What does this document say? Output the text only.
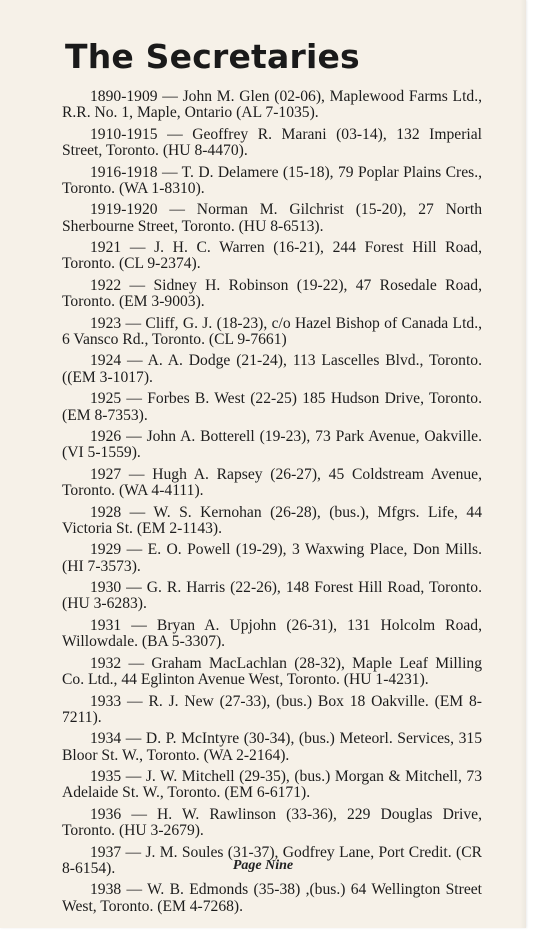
The Secretaries
1890-1909 — John M. Glen (02-06), Maplewood Farms Ltd., R.R. No. 1, Maple, Ontario (AL 7-1035).
1910-1915 — Geoffrey R. Marani (03-14), 132 Imperial Street, Toronto. (HU 8-4470).
1916-1918 — T. D. Delamere (15-18), 79 Poplar Plains Cres., Toronto. (WA 1-8310).
1919-1920 — Norman M. Gilchrist (15-20), 27 North Sherbourne Street, Toronto. (HU 8-6513).
1921 — J. H. C. Warren (16-21), 244 Forest Hill Road, Toronto. (CL 9-2374).
1922 — Sidney H. Robinson (19-22), 47 Rosedale Road, Toronto. (EM 3-9003).
1923 — Cliff, G. J. (18-23), c/o Hazel Bishop of Canada Ltd., 6 Vansco Rd., Toronto. (CL 9-7661)
1924 — A. A. Dodge (21-24), 113 Lascelles Blvd., Toronto. ((EM 3-1017).
1925 — Forbes B. West (22-25) 185 Hudson Drive, Toronto. (EM 8-7353).
1926 — John A. Botterell (19-23), 73 Park Avenue, Oakville. (VI 5-1559).
1927 — Hugh A. Rapsey (26-27), 45 Coldstream Avenue, Toronto. (WA 4-4111).
1928 — W. S. Kernohan (26-28), (bus.), Mfgrs. Life, 44 Victoria St. (EM 2-1143).
1929 — E. O. Powell (19-29), 3 Waxwing Place, Don Mills. (HI 7-3573).
1930 — G. R. Harris (22-26), 148 Forest Hill Road, Toronto. (HU 3-6283).
1931 — Bryan A. Upjohn (26-31), 131 Holcolm Road, Willowdale. (BA 5-3307).
1932 — Graham MacLachlan (28-32), Maple Leaf Milling Co. Ltd., 44 Eglinton Avenue West, Toronto. (HU 1-4231).
1933 — R. J. New (27-33), (bus.) Box 18 Oakville. (EM 8-7211).
1934 — D. P. McIntyre (30-34), (bus.) Meteorl. Services, 315 Bloor St. W., Toronto. (WA 2-2164).
1935 — J. W. Mitchell (29-35), (bus.) Morgan & Mitchell, 73 Adelaide St. W., Toronto. (EM 6-6171).
1936 — H. W. Rawlinson (33-36), 229 Douglas Drive, Toronto. (HU 3-2679).
1937 — J. M. Soules (31-37), Godfrey Lane, Port Credit. (CR 8-6154).
1938 — W. B. Edmonds (35-38) ,(bus.) 64 Wellington Street West, Toronto. (EM 4-7268).
Page Nine
